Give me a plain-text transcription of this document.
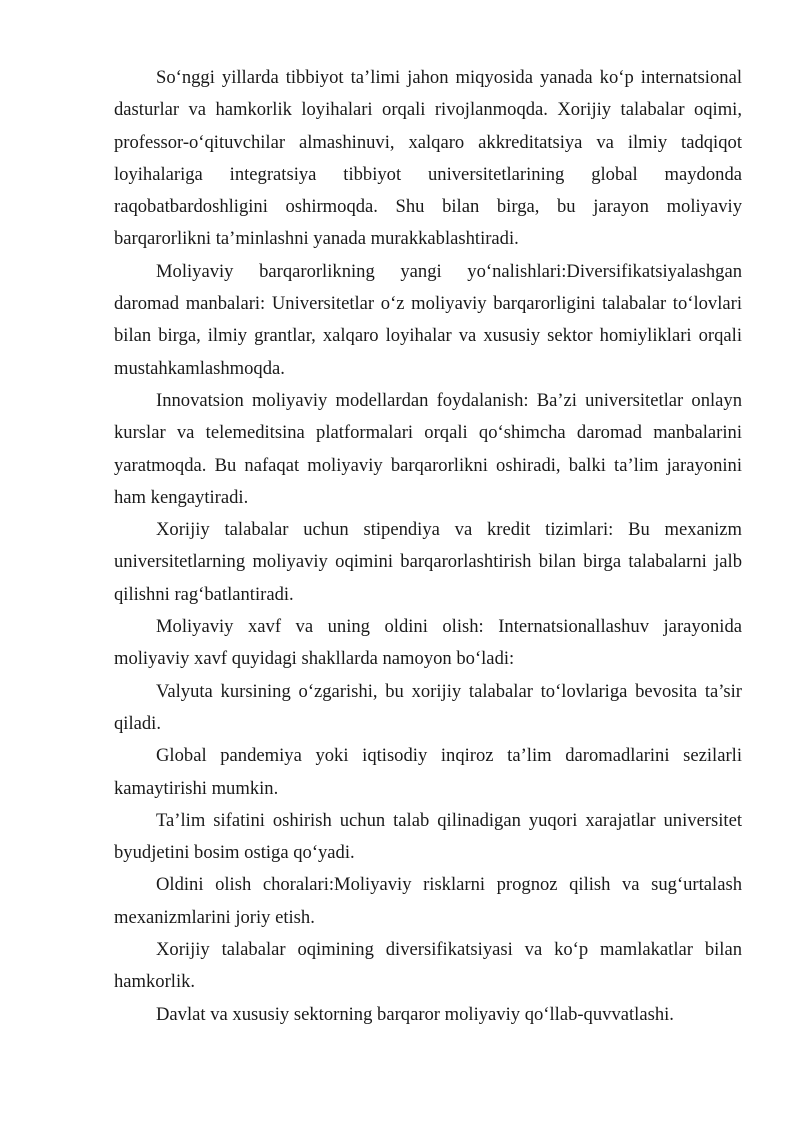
So‘nggi yillarda tibbiyot ta’limi jahon miqyosida yanada ko‘p internatsional dasturlar va hamkorlik loyihalari orqali rivojlanmoqda. Xorijiy talabalar oqimi, professor-o‘qituvchilar almashinuvi, xalqaro akkreditatsiya va ilmiy tadqiqot loyihalariga integratsiya tibbiyot universitetlarining global maydonda raqobatbardoshligini oshirmoqda. Shu bilan birga, bu jarayon moliyaviy barqarorlikni ta’minlashni yanada murakkablashtiradi.

Moliyaviy barqarorlikning yangi yo‘nalishlari:Diversifikatsiyalashgan daromad manbalari: Universitetlar o‘z moliyaviy barqarorligini talabalar to‘lovlari bilan birga, ilmiy grantlar, xalqaro loyihalar va xususiy sektor homiyliklari orqali mustahkamlashmoqda.

Innovatsion moliyaviy modellardan foydalanish: Ba’zi universitetlar onlayn kurslar va telemeditsina platformalari orqali qo‘shimcha daromad manbalarini yaratmoqda. Bu nafaqat moliyaviy barqarorlikni oshiradi, balki ta’lim jarayonini ham kengaytiradi.

Xorijiy talabalar uchun stipendiya va kredit tizimlari: Bu mexanizm universitetlarning moliyaviy oqimini barqarorlashtirish bilan birga talabalarni jalb qilishni rag‘batlantiradi.

Moliyaviy xavf va uning oldini olish: Internatsionallashuv jarayonida moliyaviy xavf quyidagi shakllarda namoyon bo‘ladi:

Valyuta kursining o‘zgarishi, bu xorijiy talabalar to‘lovlariga bevosita ta’sir qiladi.

Global pandemiya yoki iqtisodiy inqiroz ta’lim daromadlarini sezilarli kamaytirishi mumkin.

Ta’lim sifatini oshirish uchun talab qilinadigan yuqori xarajatlar universitet byudjetini bosim ostiga qo‘yadi.

Oldini olish choralari:Moliyaviy risklarni prognoz qilish va sug‘urtalash mexanizmlarini joriy etish.

Xorijiy talabalar oqimining diversifikatsiyasi va ko‘p mamlakatlar bilan hamkorlik.

Davlat va xususiy sektorning barqaror moliyaviy qo‘llab-quvvatlashi.
